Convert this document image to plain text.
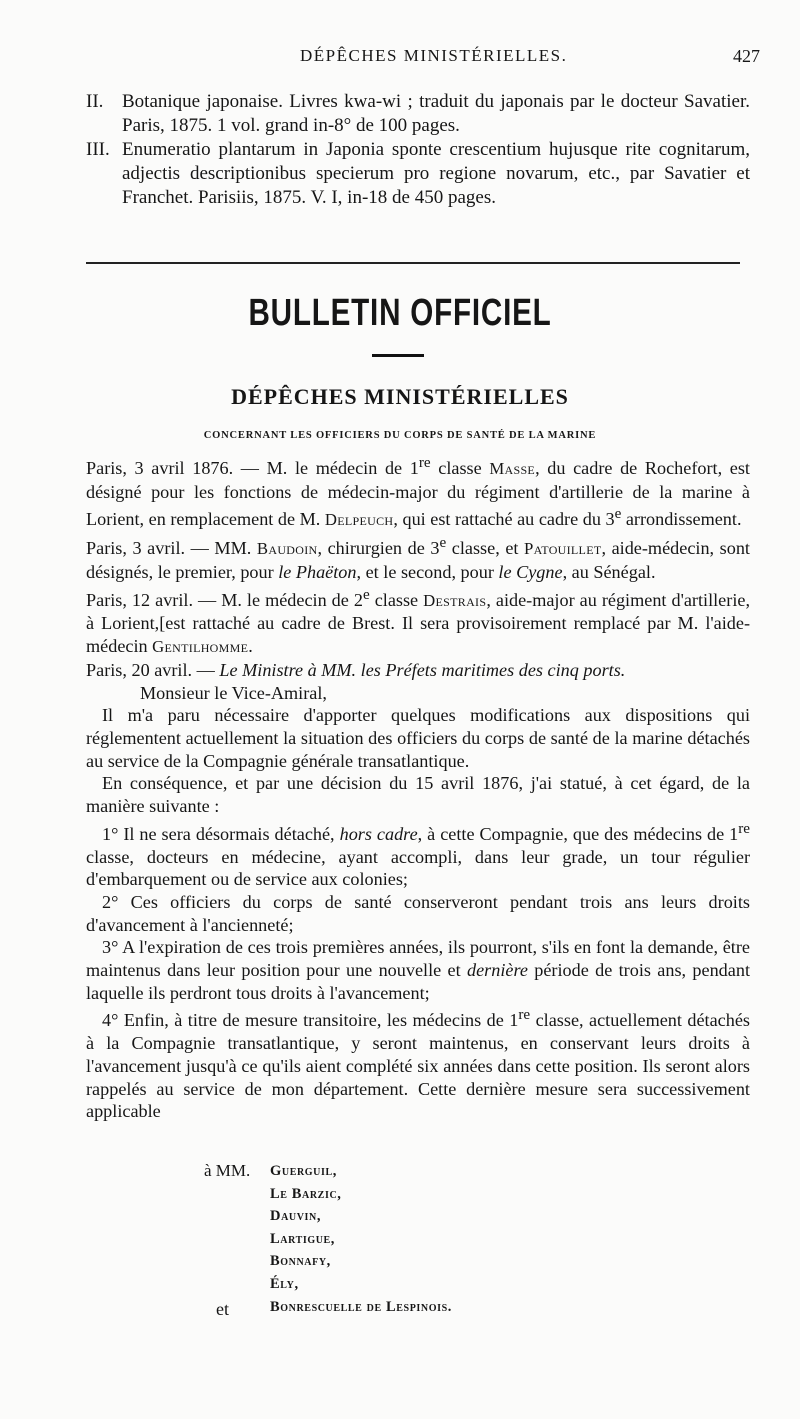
DÉPÊCHES MINISTÉRIELLES.	427
II. Botanique japonaise. Livres kwa-wi ; traduit du japonais par le docteur Savatier. Paris, 1875. 1 vol. grand in-8° de 100 pages.
III. Enumeratio plantarum in Japonia sponte crescentium hujusque rite cognitarum, adjectis descriptionibus specierum pro regione novarum, etc., par Savatier et Franchet. Parisiis, 1875. V. I, in-18 de 450 pages.
BULLETIN OFFICIEL
DÉPÊCHES MINISTÉRIELLES
CONCERNANT LES OFFICIERS DU CORPS DE SANTÉ DE LA MARINE

Paris, 3 avril 1876. — M. le médecin de 1re classe Masse, du cadre de Rochefort, est désigné pour les fonctions de médecin-major du régiment d'artillerie de la marine à Lorient, en remplacement de M. Delpeuch, qui est rattaché au cadre du 3e arrondissement.

Paris, 3 avril. — MM. Baudoin, chirurgien de 3e classe, et Patouillet, aide-médecin, sont désignés, le premier, pour le Phaëton, et le second, pour le Cygne, au Sénégal.

Paris, 12 avril. — M. le médecin de 2e classe Destrais, aide-major au régiment d'artillerie, à Lorient,[est rattaché au cadre de Brest. Il sera provisoirement remplacé par M. l'aide-médecin Gentilhomme.

Paris, 20 avril. — Le Ministre à MM. les Préfets maritimes des cinq ports.

Monsieur le Vice-Amiral,

Il m'a paru nécessaire d'apporter quelques modifications aux dispositions qui réglementent actuellement la situation des officiers du corps de santé de la marine détachés au service de la Compagnie générale transatlantique.

En conséquence, et par une décision du 15 avril 1876, j'ai statué, à cet égard, de la manière suivante :

1° Il ne sera désormais détaché, hors cadre, à cette Compagnie, que des médecins de 1re classe, docteurs en médecine, ayant accompli, dans leur grade, un tour régulier d'embarquement ou de service aux colonies;

2° Ces officiers du corps de santé conserveront pendant trois ans leurs droits d'avancement à l'ancienneté;

3° A l'expiration de ces trois premières années, ils pourront, s'ils en font la demande, être maintenus dans leur position pour une nouvelle et dernière période de trois ans, pendant laquelle ils perdront tous droits à l'avancement;

4° Enfin, à titre de mesure transitoire, les médecins de 1re classe, actuellement détachés à la Compagnie transatlantique, y seront maintenus, en conservant leurs droits à l'avancement jusqu'à ce qu'ils aient complété six années dans cette position. Ils seront alors rappelés au service de mon département. Cette dernière mesure sera successivement applicable

à MM. Guerguil,
Le Barzic,
Dauvin,
Lartigue,
Bonnafy,
Ély,
et	Bonrescuelle de Lespinois.
